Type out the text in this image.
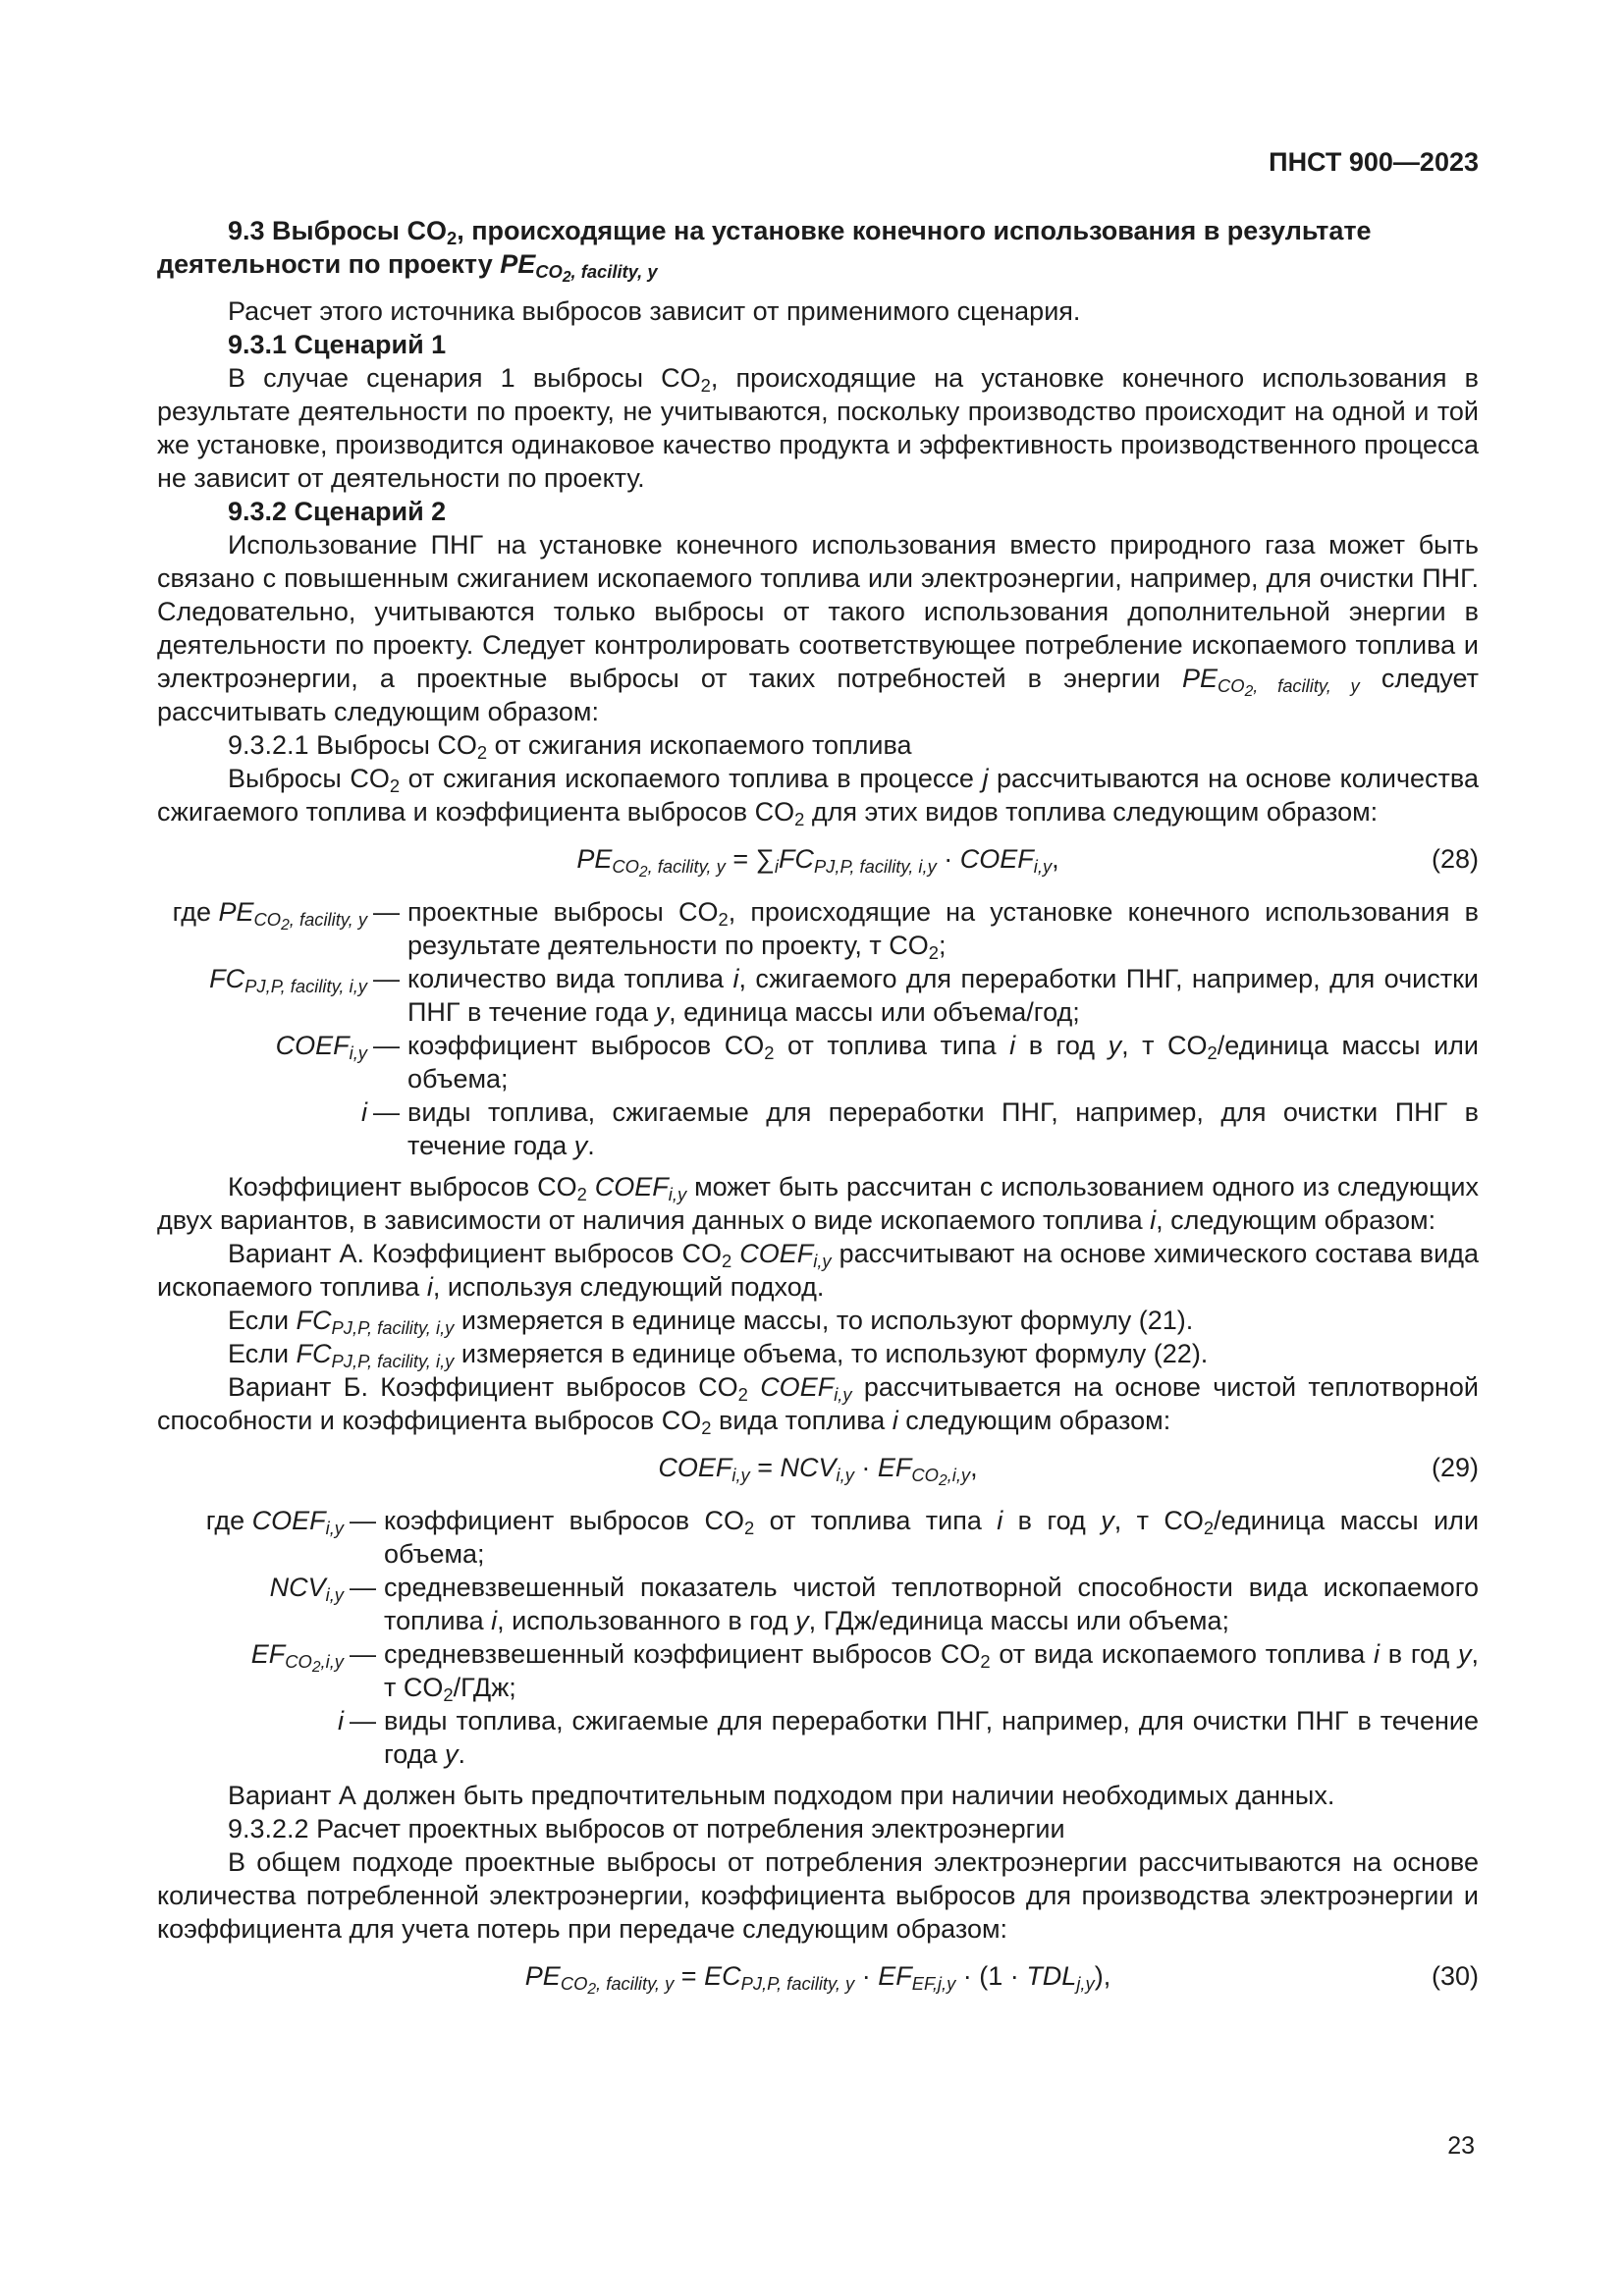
ПНСТ 900—2023

9.3 Выбросы $CO_2$, происходящие на установке конечного использования в результате деятельности по проекту $PE_{CO_2, facility, y}$

Расчет этого источника выбросов зависит от применимого сценария.

9.3.1 Сценарий 1

В случае сценария 1 выбросы $CO_2$, происходящие на установке конечного использования в результате деятельности по проекту, не учитываются, поскольку производство происходит на одной и той же установке, производится одинаковое качество продукта и эффективность производственного процесса не зависит от деятельности по проекту.

9.3.2 Сценарий 2

Использование ПНГ на установке конечного использования вместо природного газа может быть связано с повышенным сжиганием ископаемого топлива или электроэнергии, например, для очистки ПНГ. Следовательно, учитываются только выбросы от такого использования дополнительной энергии в деятельности по проекту. Следует контролировать соответствующее потребление ископаемого топлива и электроэнергии, а проектные выбросы от таких потребностей в энергии $PE_{CO_2, facility, y}$ следует рассчитывать следующим образом:

9.3.2.1 Выбросы $CO_2$ от сжигания ископаемого топлива

Выбросы $CO_2$ от сжигания ископаемого топлива в процессе j рассчитываются на основе количества сжигаемого топлива и коэффициента выбросов $CO_2$ для этих видов топлива следующим образом:

$PE_{CO_2, facility, y} = \sum_iFC_{PJ,P, facility, i,y}$ · $COEF_{i,y}$,	(28)
где $PE_{CO_2, facility, y}$ — проектные выбросы $CO_2$, происходящие на установке конечного использования в результате деятельности по проекту, т $CO_2$;
$FC_{PJ,P, facility, i,y}$ — количество вида топлива i, сжигаемого для переработки ПНГ, например, для очистки ПНГ в течение года y, единица массы или объема/год;
$COEF_{i,y}$ — коэффициент выбросов $CO_2$ от топлива типа i в год y, т $CO_2$/единица массы или объема;
i — виды топлива, сжигаемые для переработки ПНГ, например, для очистки ПНГ в течение года y.

Коэффициент выбросов $CO_2$ $COEF_{i,y}$ может быть рассчитан с использованием одного из следующих двух вариантов, в зависимости от наличия данных о виде ископаемого топлива i, следующим образом:

Вариант А. Коэффициент выбросов $CO_2$ $COEF_{i,y}$ рассчитывают на основе химического состава вида ископаемого топлива i, используя следующий подход.

Если $FC_{PJ,P, facility, i,y}$ измеряется в единице массы, то используют формулу (21).

Если $FC_{PJ,P, facility, i,y}$ измеряется в единице объема, то используют формулу (22).

Вариант Б. Коэффициент выбросов $CO_2$ $COEF_{i,y}$ рассчитывается на основе чистой теплотворной способности и коэффициента выбросов $CO_2$ вида топлива i следующим образом:

$COEF_{i,y} = NCV_{i,y} \cdot EF_{CO_2,i,y}$,	(29)
где $COEF_{i,y}$ — коэффициент выбросов $CO_2$ от топлива типа i в год y, т $CO_2$/единица массы или объема;
$NCV_{i,y}$ — средневзвешенный показатель чистой теплотворной способности вида ископаемого топлива i, использованного в год y, ГДж/единица массы или объема;
$EF_{CO_2,i,y}$ — средневзвешенный коэффициент выбросов $CO_2$ от вида ископаемого топлива i в год y, т $CO_2$/ГДж;
i — виды топлива, сжигаемые для переработки ПНГ, например, для очистки ПНГ в течение года y.

Вариант А должен быть предпочтительным подходом при наличии необходимых данных.

9.3.2.2 Расчет проектных выбросов от потребления электроэнергии

В общем подходе проектные выбросы от потребления электроэнергии рассчитываются на основе количества потребленной электроэнергии, коэффициента выбросов для производства электроэнергии и коэффициента для учета потерь при передаче следующим образом:

$PE_{CO_2, facility, y} = EC_{PJ,P, facility, y} \cdot EF_{EF,j,y} \cdot (1 \cdot TDL_{j,y})$,	(30)
23
